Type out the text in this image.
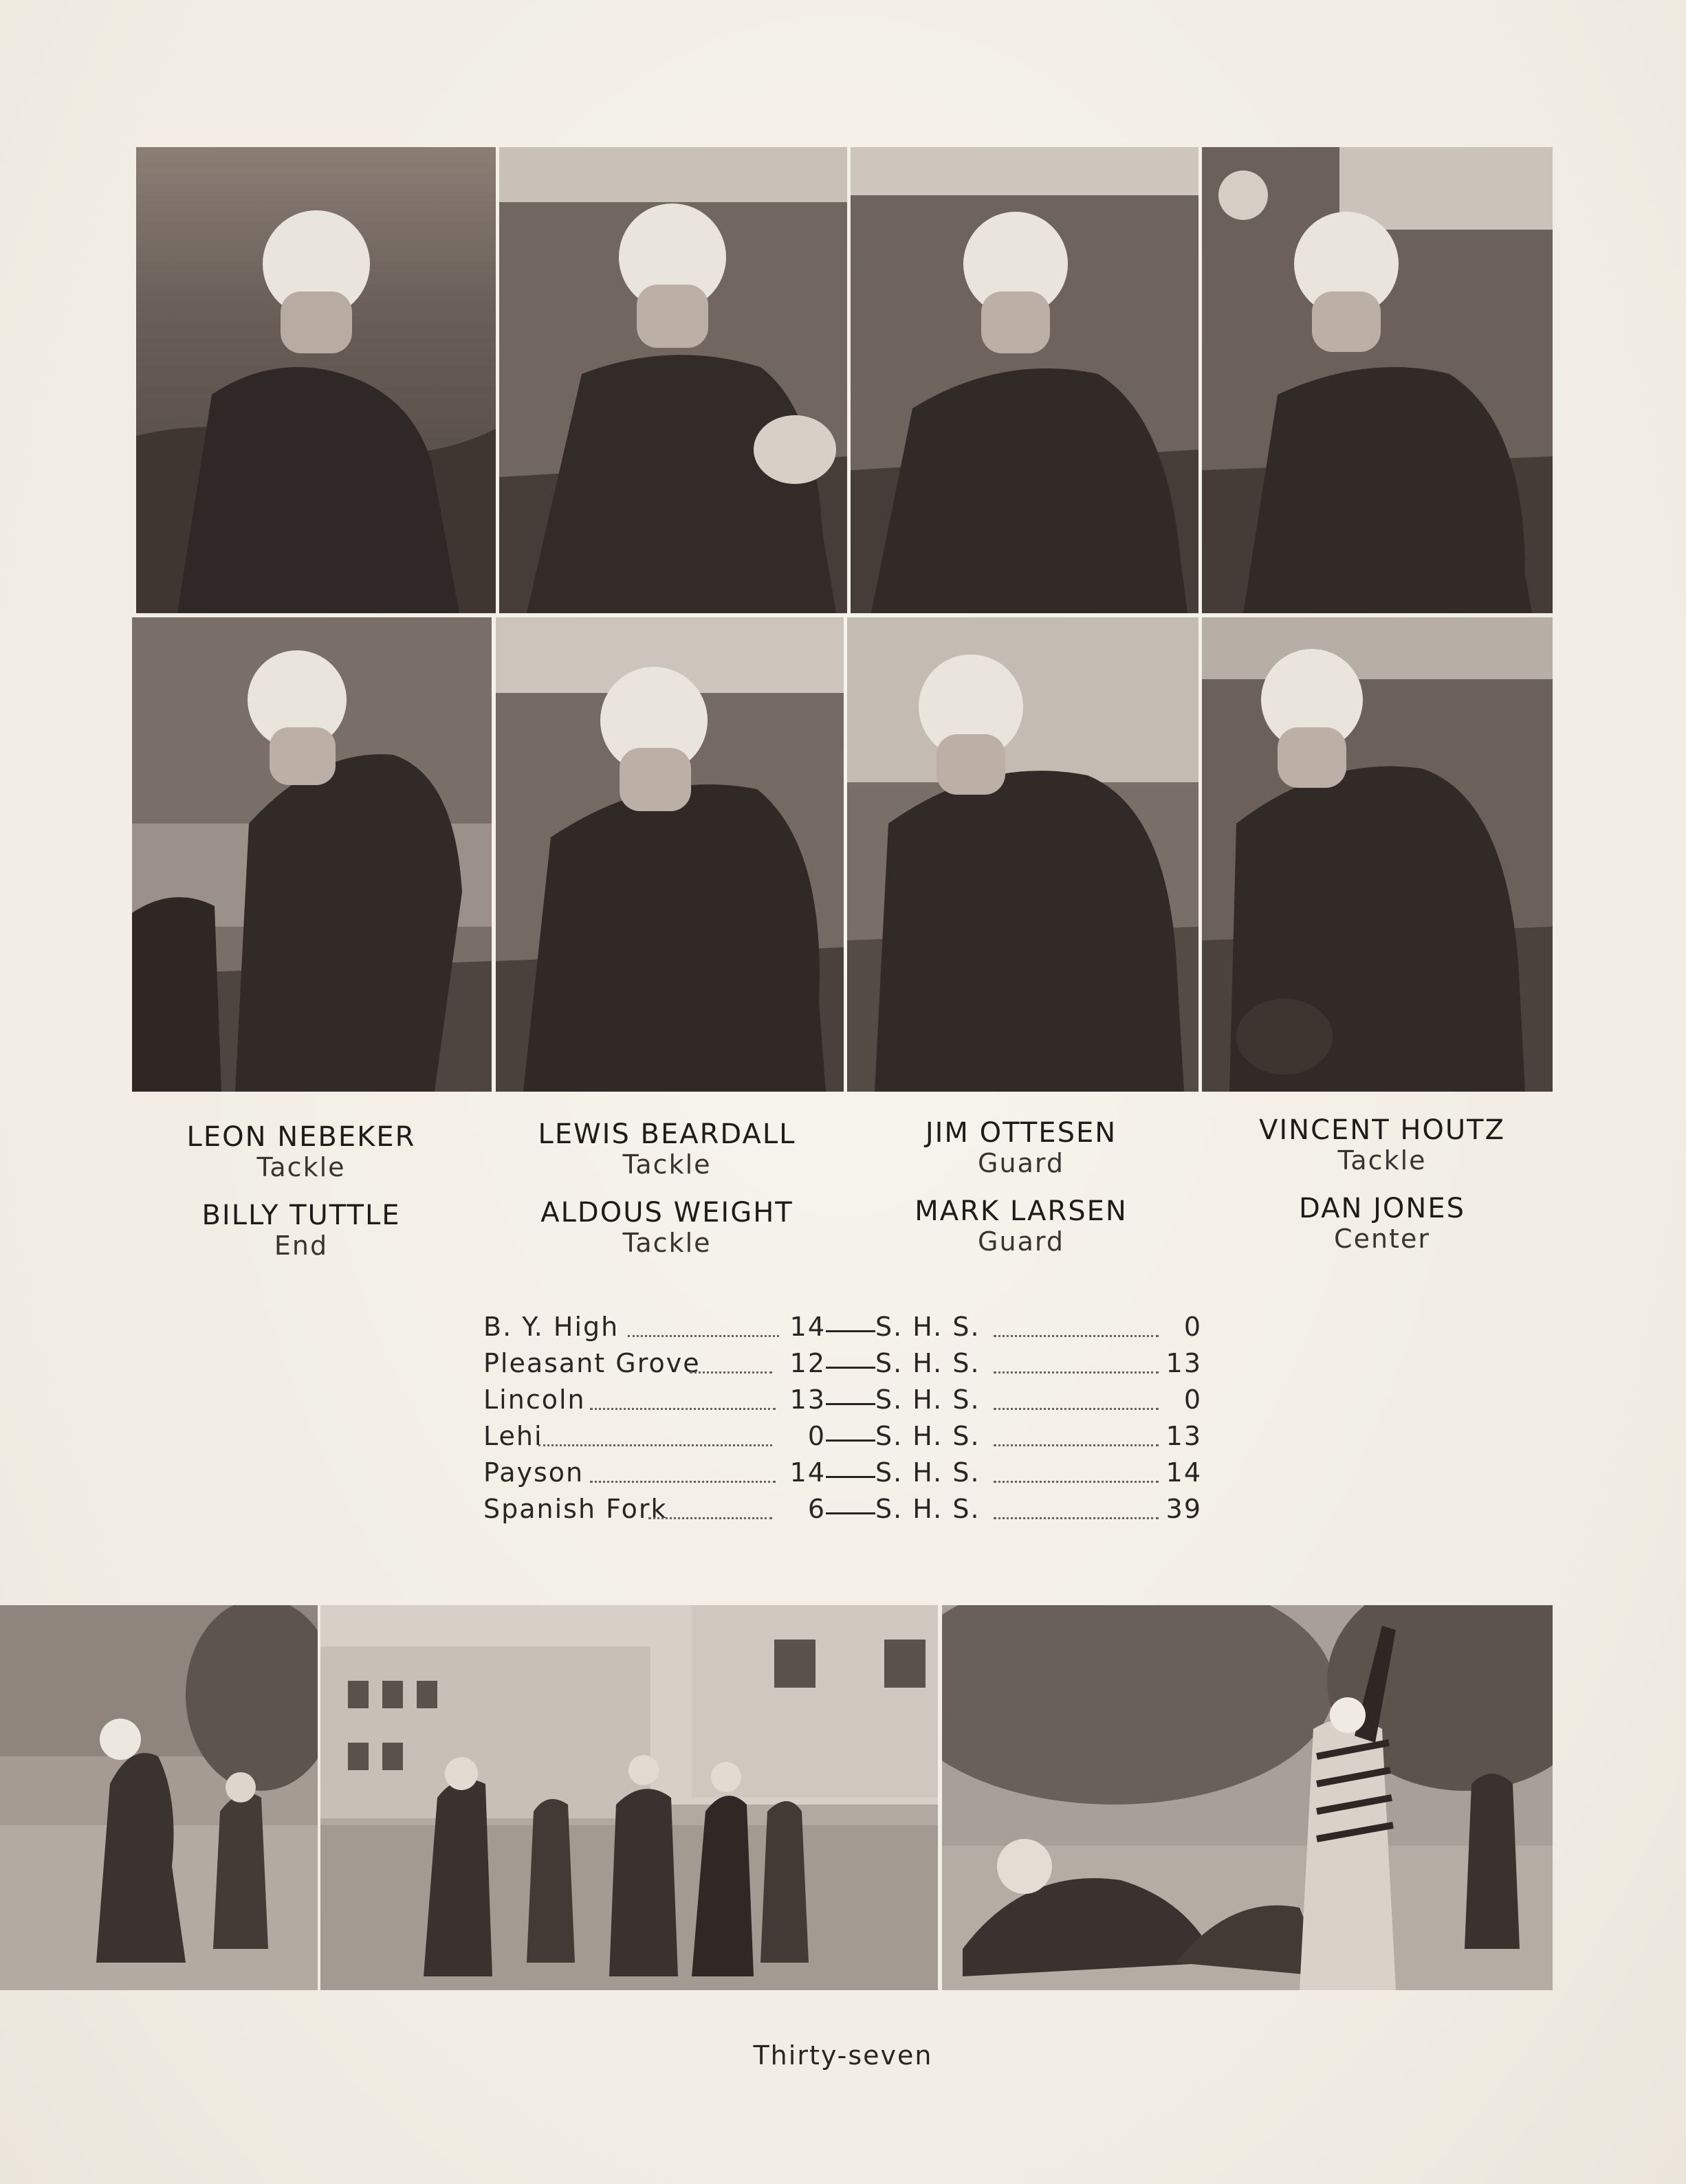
LEON NEBEKER
Tackle
BILLY TUTTLE
End
LEWIS BEARDALL
Tackle
ALDOUS WEIGHT
Tackle
JIM OTTESEN
Guard
MARK LARSEN
Guard
VINCENT HOUTZ
Tackle
DAN JONES
Center
B. Y. High	14 S. H. S.	0
Pleasant Grove	12 S. H. S.	13
Lincoln	13 S. H. S.	0
Lehi	0 S. H. S.	13
Payson	14 S. H. S.	14
Spanish Fork	6 S. H. S.	39
Thirty-seven
